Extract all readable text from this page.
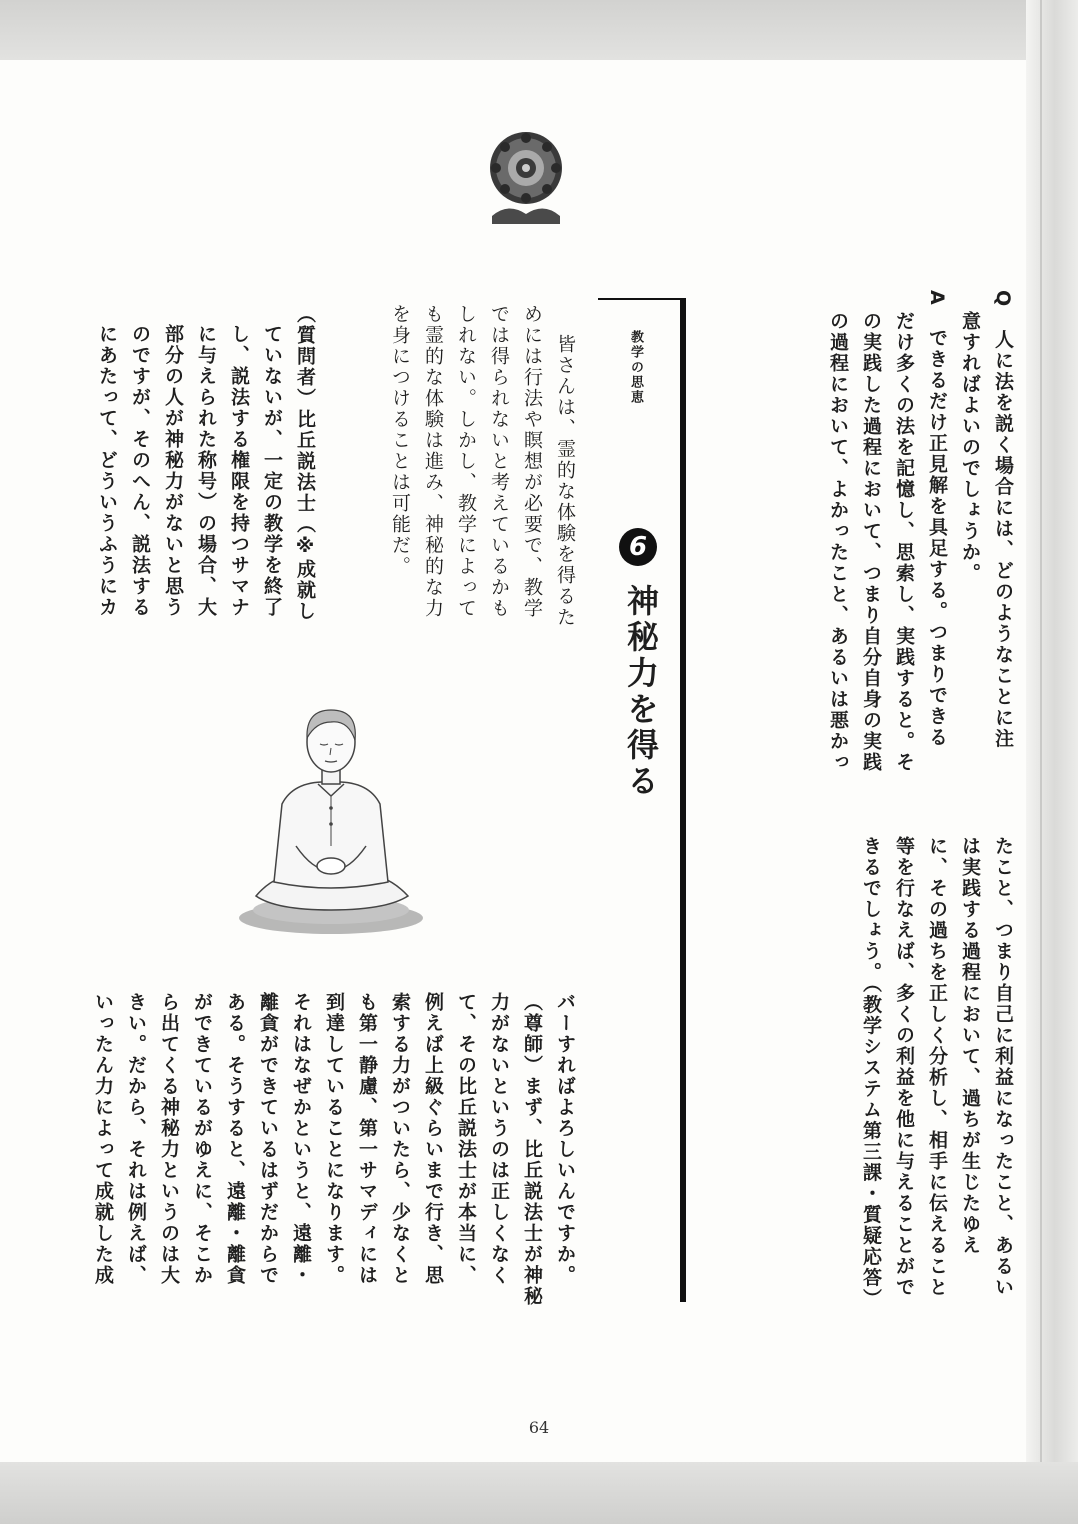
教学の思恵
6
神秘力を得る	Q　人に法を説く場合には、どのようなことに注
　意すればよいのでしょうか。
A　できるだけ正見解を具足する。つまりできる
　だけ多くの法を記憶し、思索し、実践すると。そ
　の実践した過程において、つまり自分自身の実践
　の過程において、よかったこと、あるいは悪かっ
たこと、つまり自己に利益になったこと、あるい
は実践する過程において、過ちが生じたゆえ
に、その過ちを正しく分析し、相手に伝えること
等を行なえば、多くの利益を他に与えることがで
きるでしょう。（教学システム第三課・質疑応答）
皆さんは、霊的な体験を得るた
めには行法や瞑想が必要で、教学
では得られないと考えているかも
しれない。しかし、教学によって
も霊的な体験は進み、神秘的な力
を身につけることは可能だ。
（質問者）比丘説法士（※成就し
ていないが、一定の教学を終了
し、説法する権限を持つサマナ
に与えられた称号）の場合、大
部分の人が神秘力がないと思う
のですが、そのへん、説法する
にあたって、どういうふうにカ
バーすればよろしいんですか。
（尊師）まず、比丘説法士が神秘
力がないというのは正しくなく
て、その比丘説法士が本当に、
例えば上級ぐらいまで行き、思
索する力がついたら、少なくと
も第一静慮、第一サマディには
到達していることになります。
それはなぜかというと、遠離・
離貪ができているはずだからで
ある。そうすると、遠離・離貪
ができているがゆえに、そこか
ら出てくる神秘力というのは大
きい。だから、それは例えば、
いったん力によって成就した成
64
